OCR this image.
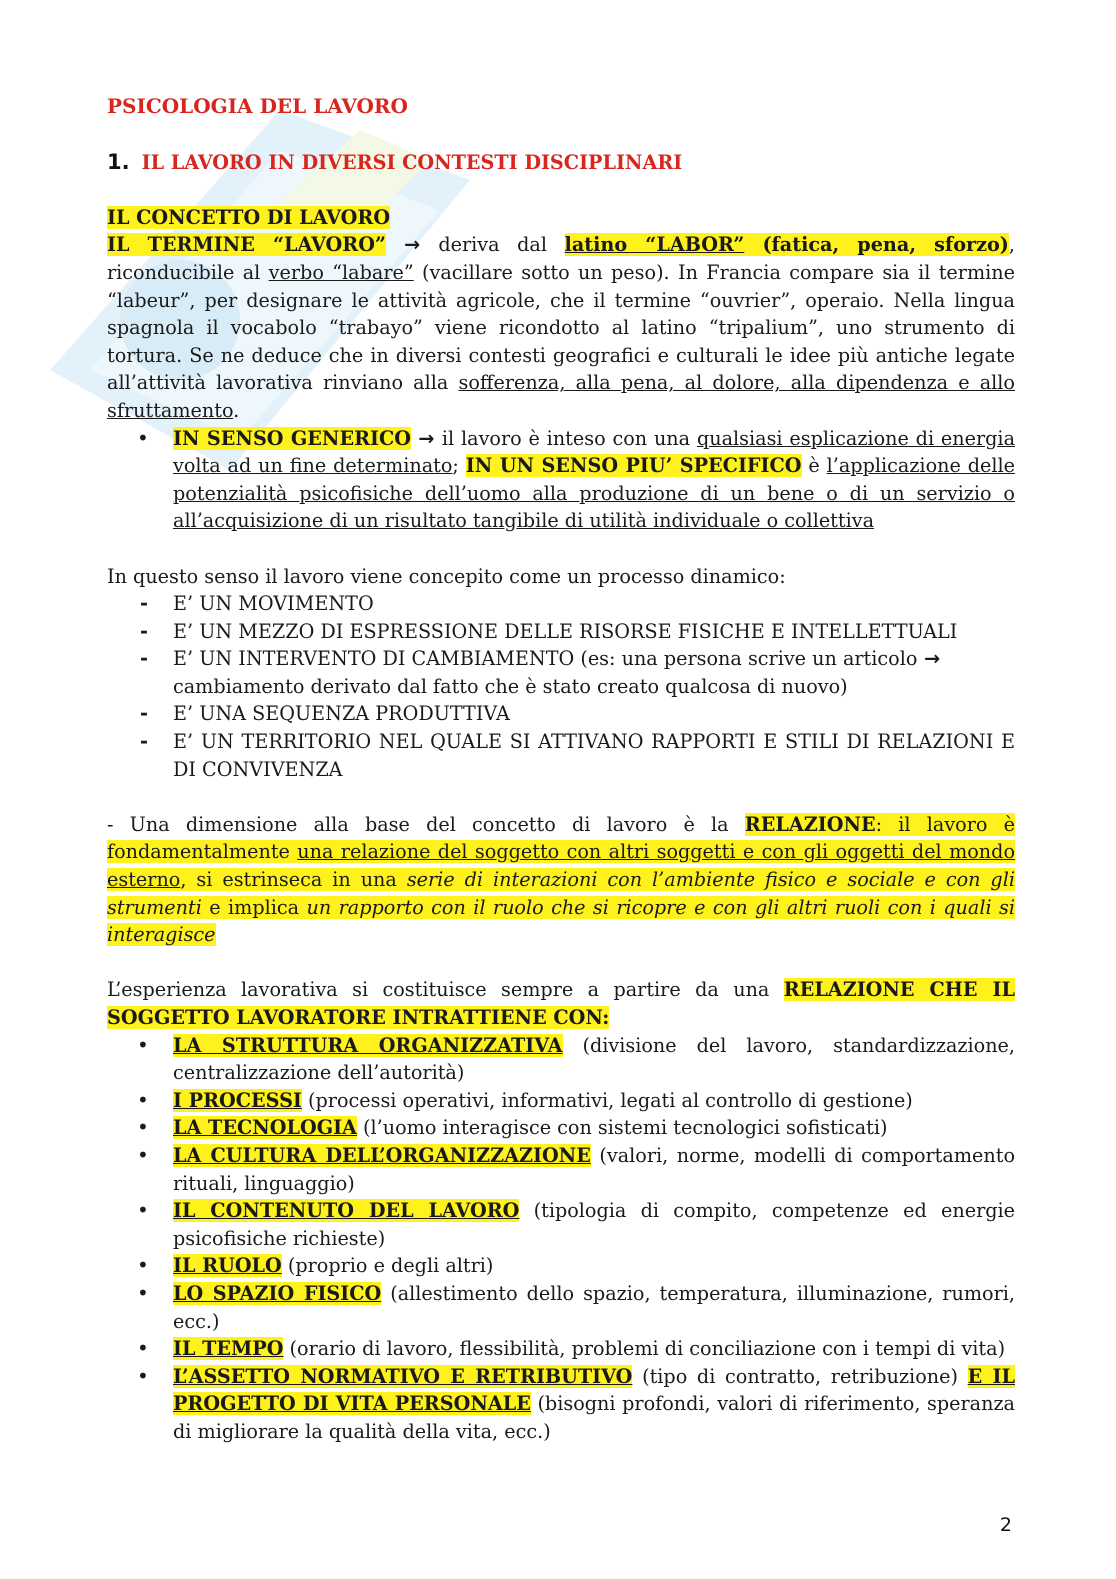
PSICOLOGIA DEL LAVORO

1. IL LAVORO IN DIVERSI CONTESTI DISCIPLINARI

IL CONCETTO DI LAVORO

IL TERMINE “LAVORO” → deriva dal latino “LABOR” (fatica, pena, sforzo), riconducibile al verbo “labare” (vacillare sotto un peso). In Francia compare sia il termine “labeur”, per designare le attività agricole, che il termine “ouvrier”, operaio. Nella lingua spagnola il vocabolo “trabayo” viene ricondotto al latino “tripalium”, uno strumento di tortura. Se ne deduce che in diversi contesti geografici e culturali le idee più antiche legate all’attività lavorativa rinviano alla sofferenza, alla pena, al dolore, alla dipendenza e allo sfruttamento.

• IN SENSO GENERICO → il lavoro è inteso con una qualsiasi esplicazione di energia volta ad un fine determinato; IN UN SENSO PIU’ SPECIFICO è l’applicazione delle potenzialità psicofisiche dell’uomo alla produzione di un bene o di un servizio o all’acquisizione di un risultato tangibile di utilità individuale o collettiva

In questo senso il lavoro viene concepito come un processo dinamico:

- E’ UN MOVIMENTO
- E’ UN MEZZO DI ESPRESSIONE DELLE RISORSE FISICHE E INTELLETTUALI
- E’ UN INTERVENTO DI CAMBIAMENTO (es: una persona scrive un articolo → cambiamento derivato dal fatto che è stato creato qualcosa di nuovo)
- E’ UNA SEQUENZA PRODUTTIVA
- E’ UN TERRITORIO NEL QUALE SI ATTIVANO RAPPORTI E STILI DI RELAZIONI E DI CONVIVENZA

- Una dimensione alla base del concetto di lavoro è la RELAZIONE: il lavoro è fondamentalmente una relazione del soggetto con altri soggetti e con gli oggetti del mondo esterno, si estrinseca in una serie di interazioni con l’ambiente fisico e sociale e con gli strumenti e implica un rapporto con il ruolo che si ricopre e con gli altri ruoli con i quali si interagisce

L’esperienza lavorativa si costituisce sempre a partire da una RELAZIONE CHE IL SOGGETTO LAVORATORE INTRATTIENE CON:

• LA STRUTTURA ORGANIZZATIVA (divisione del lavoro, standardizzazione, centralizzazione dell’autorità)
• I PROCESSI (processi operativi, informativi, legati al controllo di gestione)
• LA TECNOLOGIA (l’uomo interagisce con sistemi tecnologici sofisticati)
• LA CULTURA DELL’ORGANIZZAZIONE (valori, norme, modelli di comportamento rituali, linguaggio)
• IL CONTENUTO DEL LAVORO (tipologia di compito, competenze ed energie psicofisiche richieste)
• IL RUOLO (proprio e degli altri)
• LO SPAZIO FISICO (allestimento dello spazio, temperatura, illuminazione, rumori, ecc.)
• IL TEMPO (orario di lavoro, flessibilità, problemi di conciliazione con i tempi di vita)
• L’ASSETTO NORMATIVO E RETRIBUTIVO (tipo di contratto, retribuzione) E IL PROGETTO DI VITA PERSONALE (bisogni profondi, valori di riferimento, speranza di migliorare la qualità della vita, ecc.)
2
